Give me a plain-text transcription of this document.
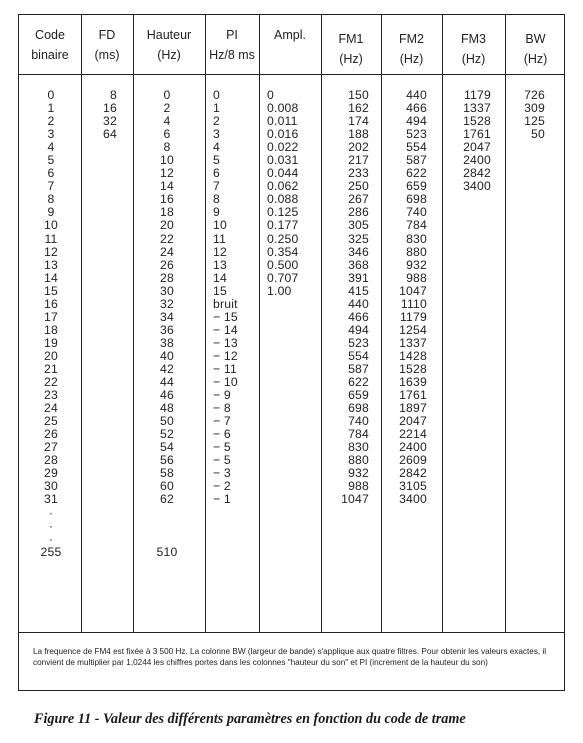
Code
binaire
FD
(ms)
Hauteur
(Hz)
PI
Hz/8 ms
Ampl.	FM1
(Hz)
FM2
(Hz)
FM3
(Hz)
BW
(Hz)
0
1
2
3
4
5
6
7
8
9
10
11
12
13
14
15
16
17
18
19
20
21
22
23
24
25
26
27
28
29
30
31
·
·
·
255
8
16
32
64
0
2
4
6
8
10
12
14
16
18
20
22
24
26
28
30
32
34
36
38
40
42
44
46
48
50
52
54
56
58
60
62

510
0
1
2
3
4
5
6
7
8
9
10
11
12
13
14
15
bruit
− 15
− 14
− 13
− 12
− 11
− 10
− 9
− 8
− 7
− 6
− 5
− 5
− 3
− 2
− 1
0
0.008
0.011
0.016
0.022
0.031
0.044
0.062
0.088
0.125
0.177
0.250
0.354
0.500
0.707
1.00
150
162
174
188
202
217
233
250
267
286
305
325
346
368
391
415
440
466
494
523
554
587
622
659
698
740
784
830
880
932
988
1047
440
466
494
523
554
587
622
659
698
740
784
830
880
932
988
1047
1110
1179
1254
1337
1428
1528
1639
1761
1897
2047
2214
2400
2609
2842
3105
3400
1179
1337
1528
1761
2047
2400
2842
3400
726
309
125
50
La frequence de FM4 est fixée à 3 500 Hz. La colonne BW (largeur de bande) s'applique aux quatre filtres. Pour obtenir les valeurs exactes, il convient de multiplier par 1,0244 les chiffres portes dans les colonnes "hauteur du son" et PI (increment de la hauteur du son)
Figure 11 - Valeur des différents paramètres en fonction du code de trame
